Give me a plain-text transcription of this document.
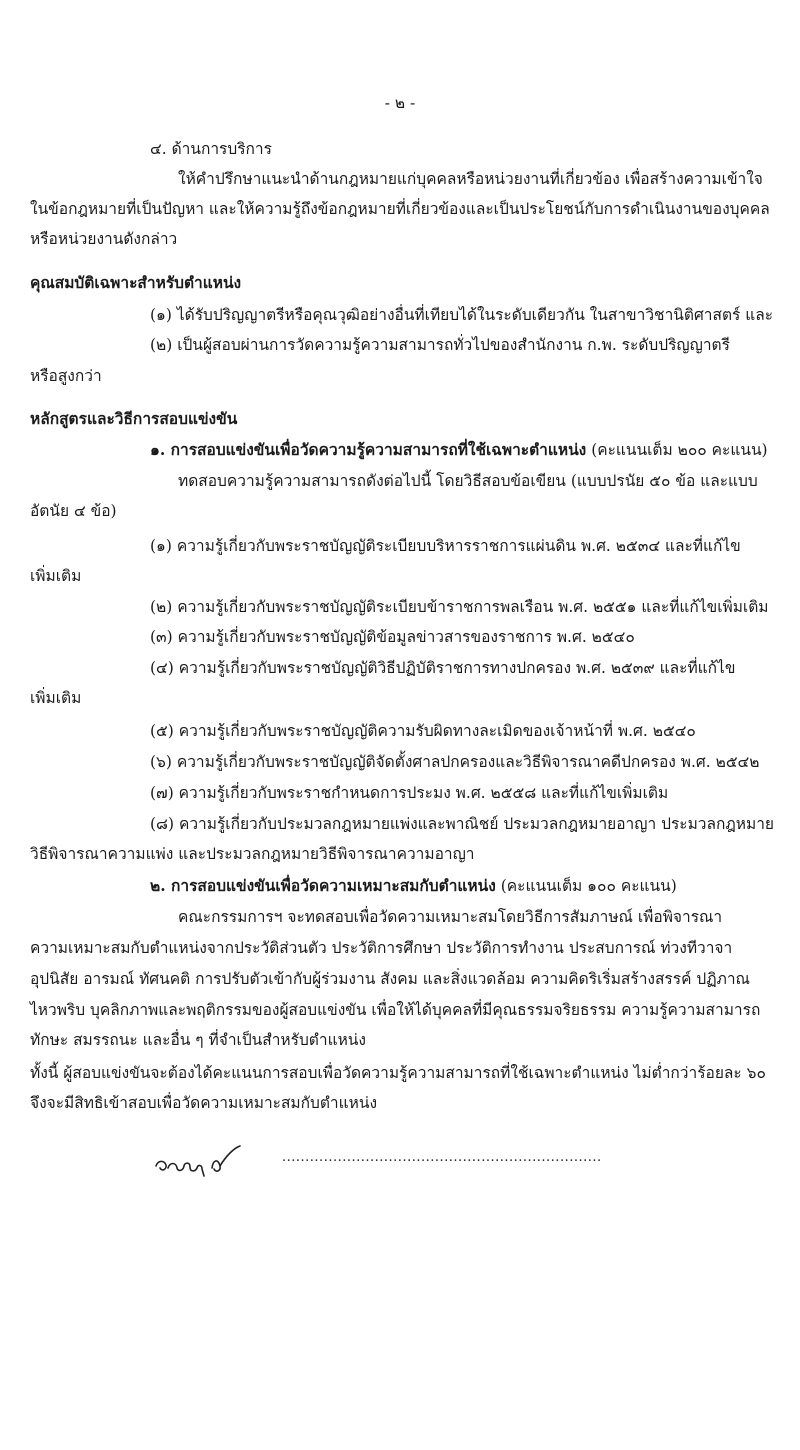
- ๒ -
๔. ด้านการบริการ
ให้คำปรึกษาแนะนำด้านกฎหมายแก่บุคคลหรือหน่วยงานที่เกี่ยวข้อง เพื่อสร้างความเข้าใจ
ในข้อกฎหมายที่เป็นปัญหา และให้ความรู้ถึงข้อกฎหมายที่เกี่ยวข้องและเป็นประโยชน์กับการดำเนินงานของบุคคล
หรือหน่วยงานดังกล่าว
คุณสมบัติเฉพาะสำหรับตำแหน่ง
(๑) ได้รับปริญญาตรีหรือคุณวุฒิอย่างอื่นที่เทียบได้ในระดับเดียวกัน ในสาขาวิชานิติศาสตร์ และ
(๒) เป็นผู้สอบผ่านการวัดความรู้ความสามารถทั่วไปของสำนักงาน ก.พ. ระดับปริญญาตรี
หรือสูงกว่า
หลักสูตรและวิธีการสอบแข่งขัน
๑. การสอบแข่งขันเพื่อวัดความรู้ความสามารถที่ใช้เฉพาะตำแหน่ง (คะแนนเต็ม ๒๐๐ คะแนน)
ทดสอบความรู้ความสามารถดังต่อไปนี้ โดยวิธีสอบข้อเขียน (แบบปรนัย ๕๐ ข้อ และแบบ
อัตนัย ๔ ข้อ)
(๑) ความรู้เกี่ยวกับพระราชบัญญัติระเบียบบริหารราชการแผ่นดิน พ.ศ. ๒๕๓๔ และที่แก้ไข
เพิ่มเติม
(๒) ความรู้เกี่ยวกับพระราชบัญญัติระเบียบข้าราชการพลเรือน พ.ศ. ๒๕๕๑ และที่แก้ไขเพิ่มเติม
(๓) ความรู้เกี่ยวกับพระราชบัญญัติข้อมูลข่าวสารของราชการ พ.ศ. ๒๕๔๐
(๔) ความรู้เกี่ยวกับพระราชบัญญัติวิธีปฏิบัติราชการทางปกครอง พ.ศ. ๒๕๓๙ และที่แก้ไข
เพิ่มเติม
(๕) ความรู้เกี่ยวกับพระราชบัญญัติความรับผิดทางละเมิดของเจ้าหน้าที่ พ.ศ. ๒๕๔๐
(๖) ความรู้เกี่ยวกับพระราชบัญญัติจัดตั้งศาลปกครองและวิธีพิจารณาคดีปกครอง พ.ศ. ๒๕๔๒
(๗) ความรู้เกี่ยวกับพระราชกำหนดการประมง พ.ศ. ๒๕๕๘ และที่แก้ไขเพิ่มเติม
(๘) ความรู้เกี่ยวกับประมวลกฎหมายแพ่งและพาณิชย์ ประมวลกฎหมายอาญา ประมวลกฎหมาย
วิธีพิจารณาความแพ่ง และประมวลกฎหมายวิธีพิจารณาความอาญา
๒. การสอบแข่งขันเพื่อวัดความเหมาะสมกับตำแหน่ง (คะแนนเต็ม ๑๐๐ คะแนน)
คณะกรรมการฯ จะทดสอบเพื่อวัดความเหมาะสมโดยวิธีการสัมภาษณ์ เพื่อพิจารณา
ความเหมาะสมกับตำแหน่งจากประวัติส่วนตัว ประวัติการศึกษา ประวัติการทำงาน ประสบการณ์ ท่วงทีวาจา
อุปนิสัย อารมณ์ ทัศนคติ การปรับตัวเข้ากับผู้ร่วมงาน สังคม และสิ่งแวดล้อม ความคิดริเริ่มสร้างสรรค์ ปฏิภาณ
ไหวพริบ บุคลิกภาพและพฤติกรรมของผู้สอบแข่งขัน เพื่อให้ได้บุคคลที่มีคุณธรรมจริยธรรม ความรู้ความสามารถ
ทักษะ สมรรถนะ และอื่น ๆ ที่จำเป็นสำหรับตำแหน่ง
ทั้งนี้ ผู้สอบแข่งขันจะต้องได้คะแนนการสอบเพื่อวัดความรู้ความสามารถที่ใช้เฉพาะตำแหน่ง ไม่ต่ำกว่าร้อยละ ๖๐
จึงจะมีสิทธิเข้าสอบเพื่อวัดความเหมาะสมกับตำแหน่ง
.....................................................................
